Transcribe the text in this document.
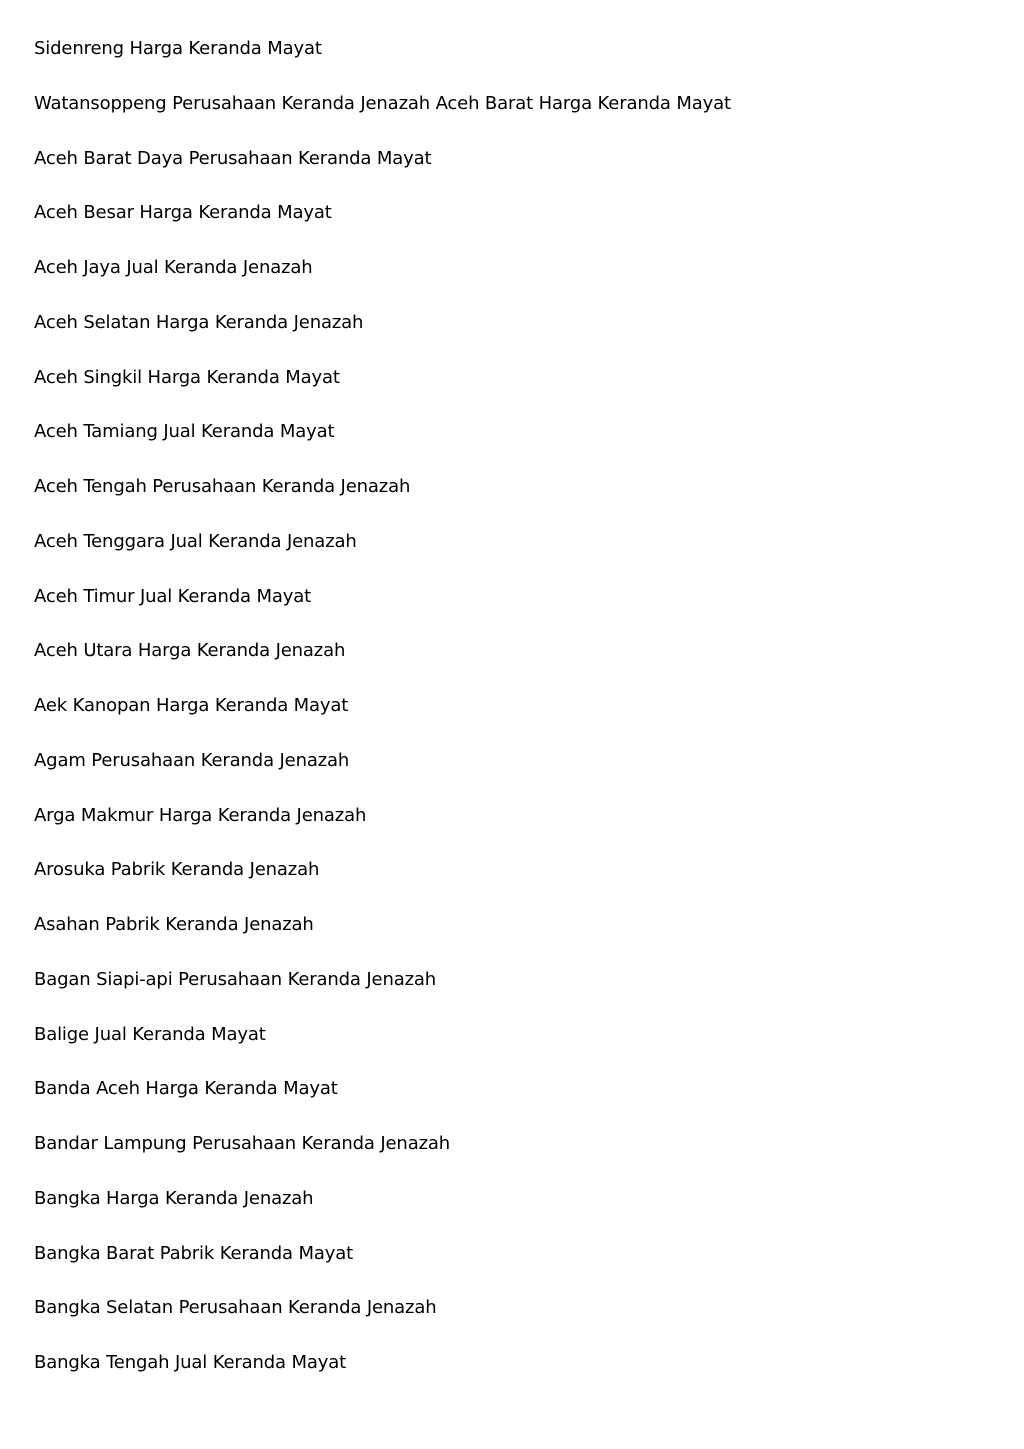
Sidenreng Harga Keranda Mayat
Watansoppeng Perusahaan Keranda Jenazah Aceh Barat Harga Keranda Mayat
Aceh Barat Daya Perusahaan Keranda Mayat
Aceh Besar Harga Keranda Mayat
Aceh Jaya Jual Keranda Jenazah
Aceh Selatan Harga Keranda Jenazah
Aceh Singkil Harga Keranda Mayat
Aceh Tamiang Jual Keranda Mayat
Aceh Tengah Perusahaan Keranda Jenazah
Aceh Tenggara Jual Keranda Jenazah
Aceh Timur Jual Keranda Mayat
Aceh Utara Harga Keranda Jenazah
Aek Kanopan Harga Keranda Mayat
Agam Perusahaan Keranda Jenazah
Arga Makmur Harga Keranda Jenazah
Arosuka Pabrik Keranda Jenazah
Asahan Pabrik Keranda Jenazah
Bagan Siapi-api Perusahaan Keranda Jenazah
Balige Jual Keranda Mayat
Banda Aceh Harga Keranda Mayat
Bandar Lampung Perusahaan Keranda Jenazah
Bangka Harga Keranda Jenazah
Bangka Barat Pabrik Keranda Mayat
Bangka Selatan Perusahaan Keranda Jenazah
Bangka Tengah Jual Keranda Mayat
